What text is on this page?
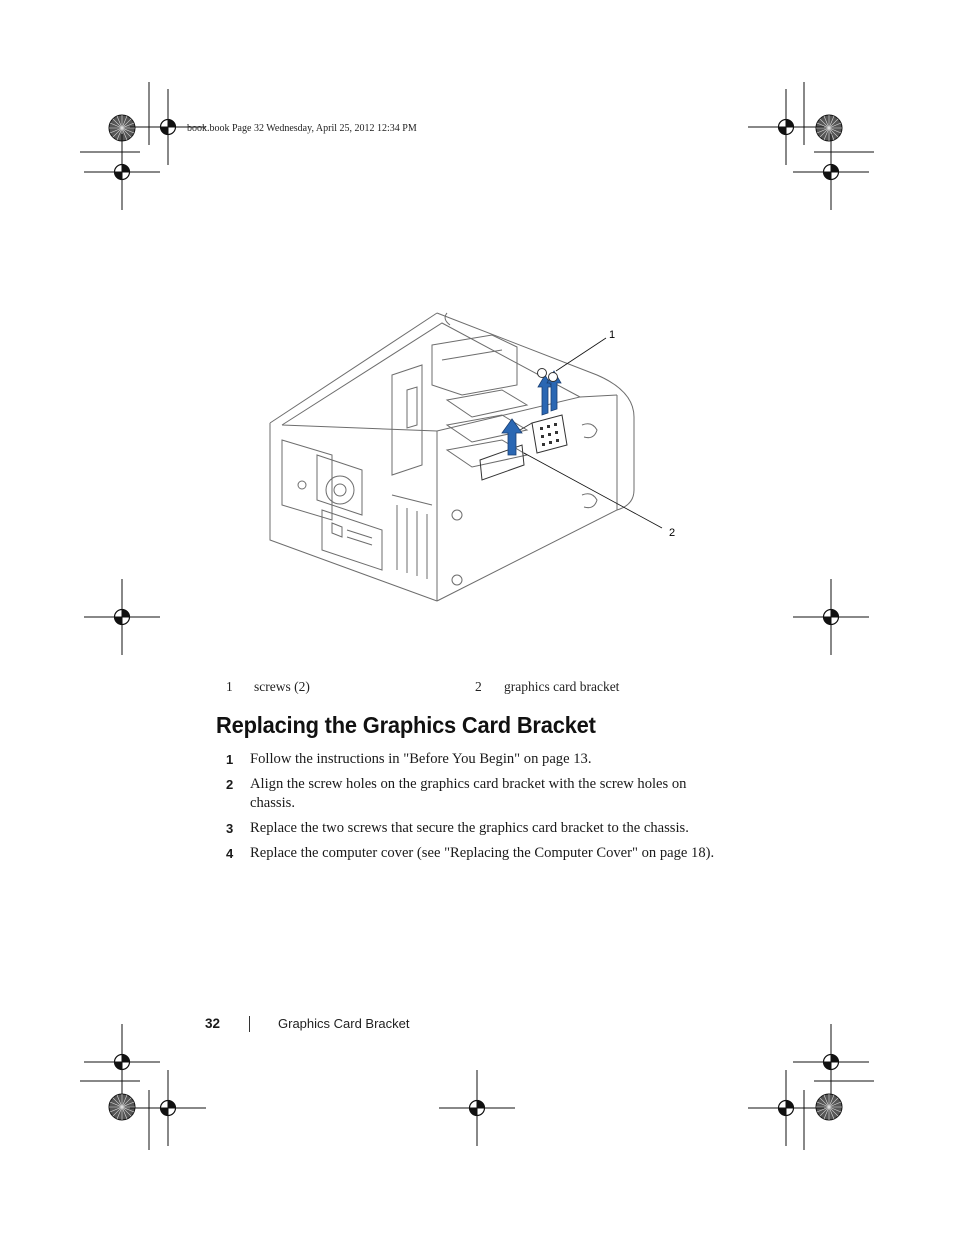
book.book Page 32 Wednesday, April 25, 2012 12:34 PM
1
2
1 screws (2)	2 graphics card bracket
Replacing the Graphics Card Bracket
1 Follow the instructions in "Before You Begin" on page 13.
2 Align the screw holes on the graphics card bracket with the screw holes on chassis.
3 Replace the two screws that secure the graphics card bracket to the chassis.
4 Replace the computer cover (see "Replacing the Computer Cover" on page 18).
32	Graphics Card Bracket
